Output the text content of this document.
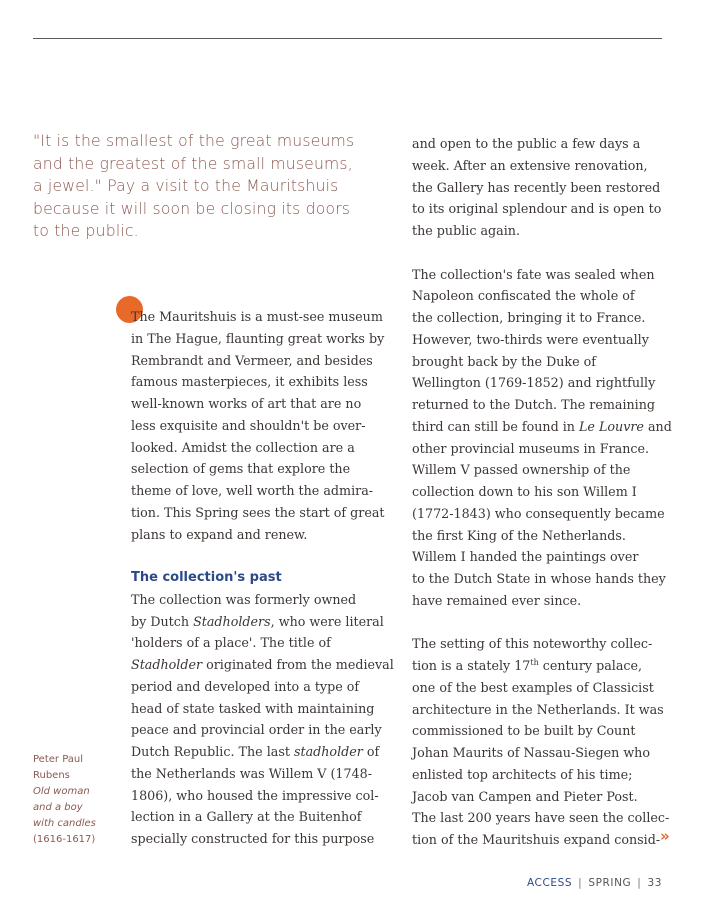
"It is the smallest of the great museums
and the greatest of the small museums,
a jewel." Pay a visit to the Mauritshuis
because it will soon be closing its doors
to the public.
The Mauritshuis is a must-see museum
in The Hague, flaunting great works by
Rembrandt and Vermeer, and besides
famous masterpieces, it exhibits less
well-known works of art that are no
less exquisite and shouldn't be over-
looked. Amidst the collection are a
selection of gems that explore the
theme of love, well worth the admira-
tion. This Spring sees the start of great
plans to expand and renew.
The collection's past
The collection was formerly owned
by Dutch Stadholders, who were literal
'holders of a place'. The title of
Stadholder originated from the medieval
period and developed into a type of
head of state tasked with maintaining
peace and provincial order in the early
Dutch Republic. The last stadholder of
the Netherlands was Willem V (1748-
1806), who housed the impressive col-
lection in a Gallery at the Buitenhof
specially constructed for this purpose
and open to the public a few days a
week. After an extensive renovation,
the Gallery has recently been restored
to its original splendour and is open to
the public again.
The collection's fate was sealed when
Napoleon confiscated the whole of
the collection, bringing it to France.
However, two-thirds were eventually
brought back by the Duke of
Wellington (1769-1852) and rightfully
returned to the Dutch. The remaining
third can still be found in Le Louvre and
other provincial museums in France.
Willem V passed ownership of the
collection down to his son Willem I
(1772-1843) who consequently became
the first King of the Netherlands.
Willem I handed the paintings over
to the Dutch State in whose hands they
have remained ever since.
The setting of this noteworthy collec-
tion is a stately 17th century palace,
one of the best examples of Classicist
architecture in the Netherlands. It was
commissioned to be built by Count
Johan Maurits of Nassau-Siegen who
enlisted top architects of his time;
Jacob van Campen and Pieter Post.
The last 200 years have seen the collec-
tion of the Mauritshuis expand consid- »
Peter Paul
Rubens
Old woman
and a boy
with candles
(1616-1617)
ACCESS | SPRING | 33
